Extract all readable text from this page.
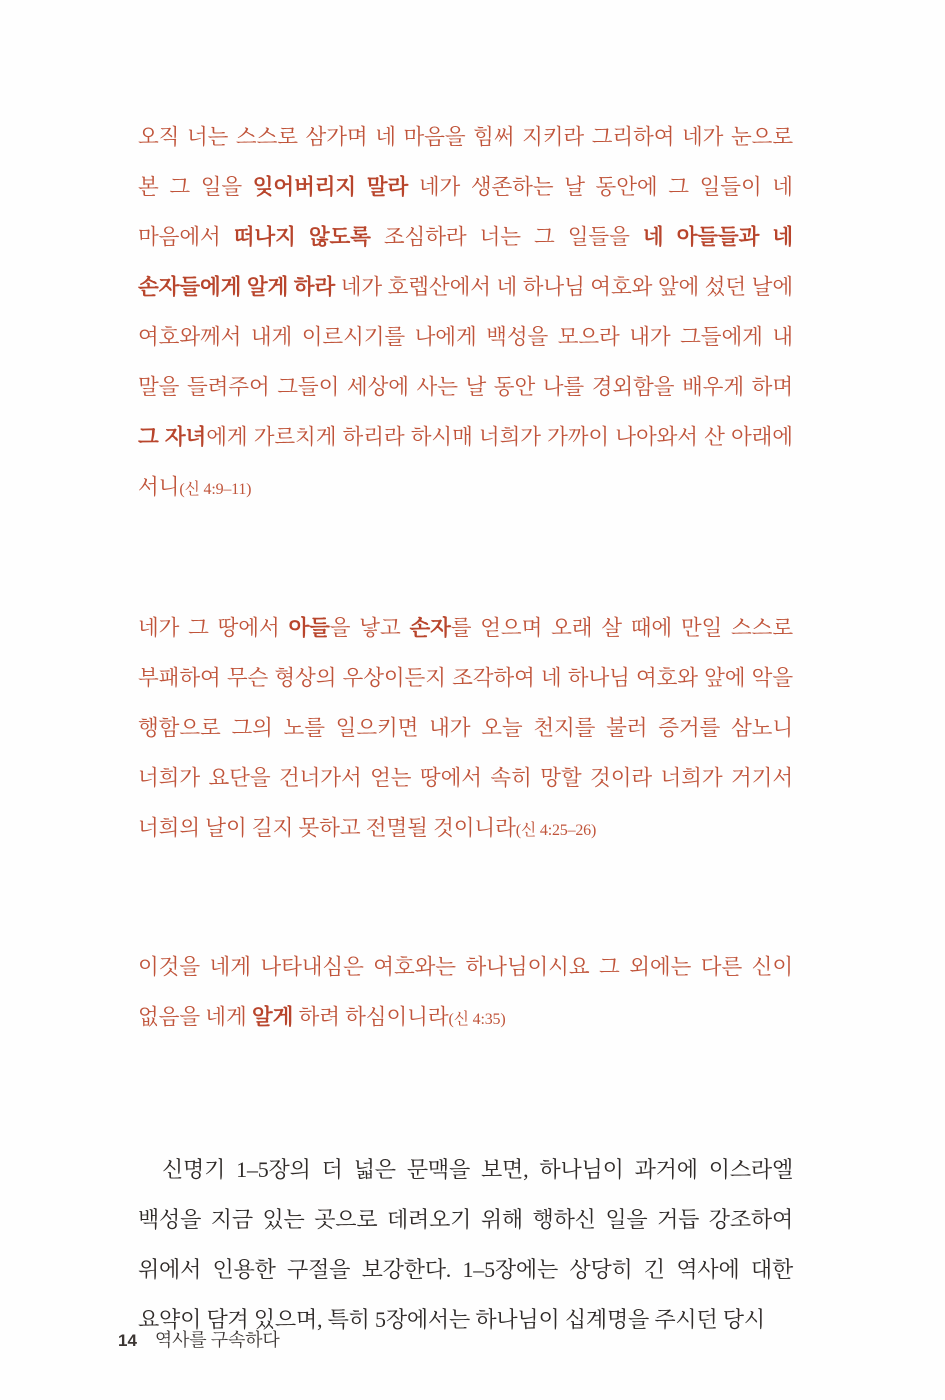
오직 너는 스스로 삼가며 네 마음을 힘써 지키라 그리하여 네가 눈으로 본 그 일을 잊어버리지 말라 네가 생존하는 날 동안에 그 일들이 네 마음에서 떠나지 않도록 조심하라 너는 그 일들을 네 아들들과 네 손자들에게 알게 하라 네가 호렙산에서 네 하나님 여호와 앞에 섰던 날에 여호와께서 내게 이르시기를 나에게 백성을 모으라 내가 그들에게 내 말을 들려주어 그들이 세상에 사는 날 동안 나를 경외함을 배우게 하며 그 자녀에게 가르치게 하리라 하시매 너희가 가까이 나아와서 산 아래에 서니(신 4:9–11)

네가 그 땅에서 아들을 낳고 손자를 얻으며 오래 살 때에 만일 스스로 부패하여 무슨 형상의 우상이든지 조각하여 네 하나님 여호와 앞에 악을 행함으로 그의 노를 일으키면 내가 오늘 천지를 불러 증거를 삼노니 너희가 요단을 건너가서 얻는 땅에서 속히 망할 것이라 너희가 거기서 너희의 날이 길지 못하고 전멸될 것이니라(신 4:25–26)

이것을 네게 나타내심은 여호와는 하나님이시요 그 외에는 다른 신이 없음을 네게 알게 하려 하심이니라(신 4:35)

신명기 1–5장의 더 넓은 문맥을 보면, 하나님이 과거에 이스라엘 백성을 지금 있는 곳으로 데려오기 위해 행하신 일을 거듭 강조하여 위에서 인용한 구절을 보강한다. 1–5장에는 상당히 긴 역사에 대한 요약이 담겨 있으며, 특히 5장에서는 하나님이 십계명을 주시던 당시

14 역사를 구속하다
